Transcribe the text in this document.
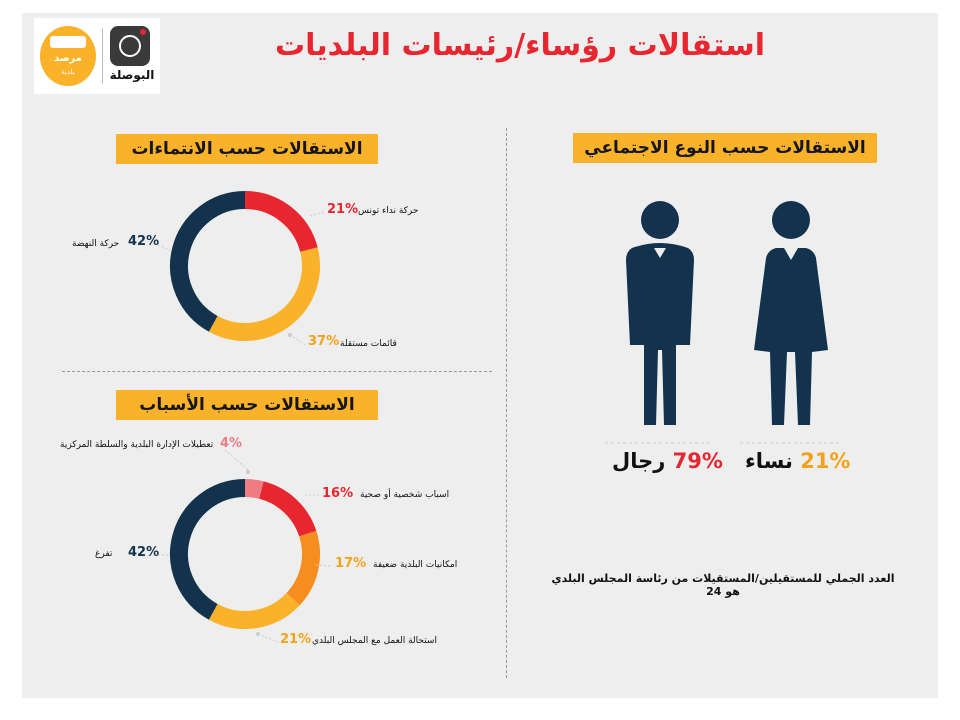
مرصد
بلدية	البوصلة
استقالات رؤساء/رئيسات البلديات
الاستقالات حسب النوع الاجتماعي
79% رجال	21% نساء
العدد الجملي للمستقيلين/المستقيلات من رئاسة المجلس البلدي هو 24
الاستقالات حسب الانتماءات
21% حركة نداء تونس
42%
حركة النهضة
37% قائمات مستقلة
الاستقالات حسب الأسباب
4%
تعطيلات الإدارة البلدية والسلطة المركزية
16% اسباب شخصية أو صحية
42%
تفرغ
17% امكانيات البلدية ضعيفة
21% استحالة العمل مع المجلس البلدي
